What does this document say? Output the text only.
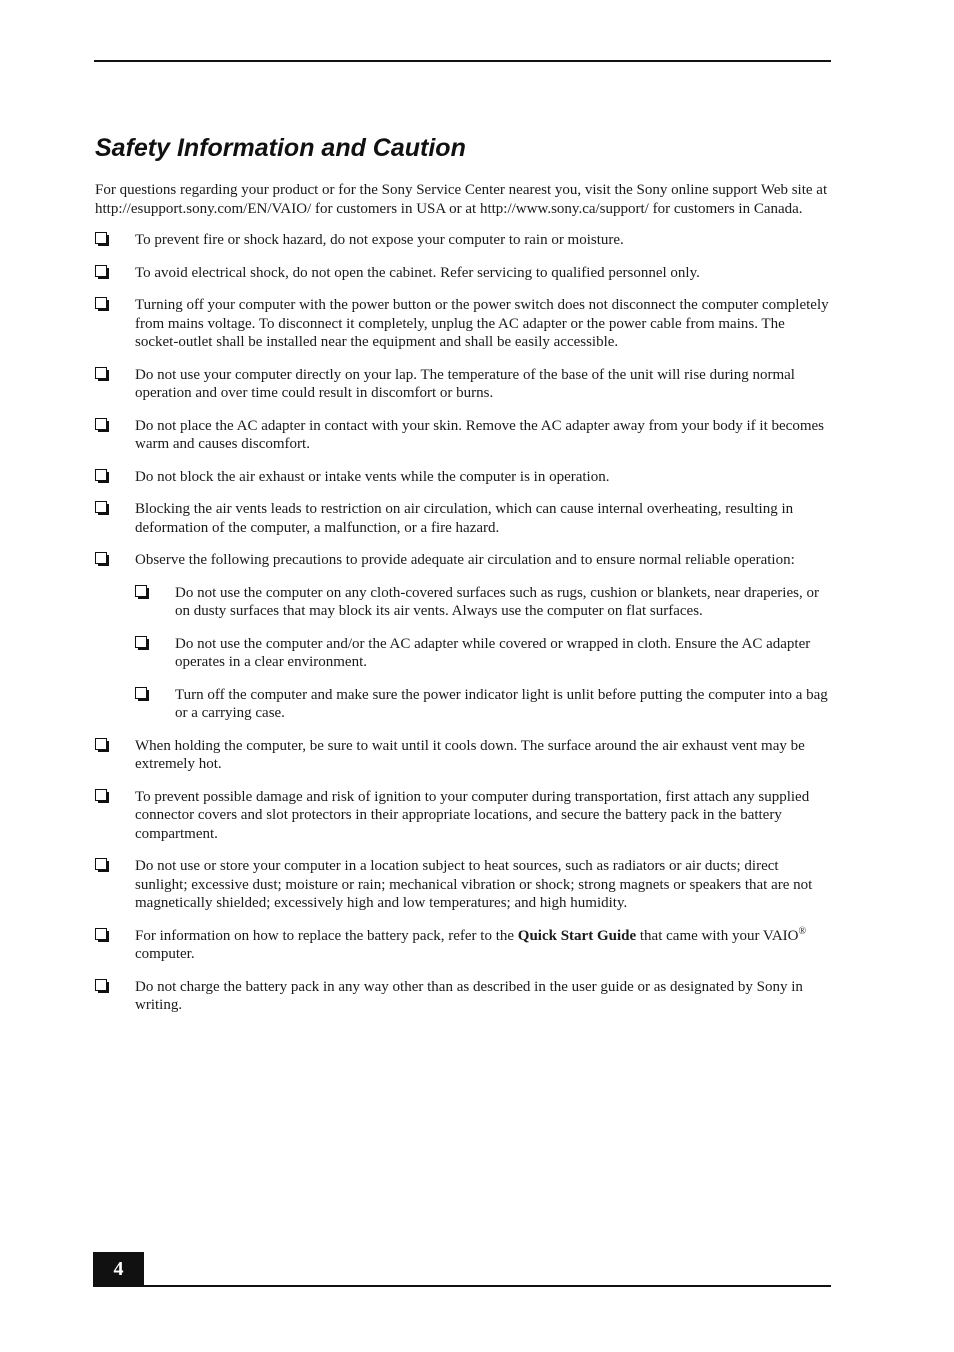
Safety Information and Caution

For questions regarding your product or for the Sony Service Center nearest you, visit the Sony online support Web site at http://esupport.sony.com/EN/VAIO/ for customers in USA or at http://www.sony.ca/support/ for customers in Canada.

To prevent fire or shock hazard, do not expose your computer to rain or moisture.
To avoid electrical shock, do not open the cabinet. Refer servicing to qualified personnel only.
Turning off your computer with the power button or the power switch does not disconnect the computer completely from mains voltage. To disconnect it completely, unplug the AC adapter or the power cable from mains. The socket-outlet shall be installed near the equipment and shall be easily accessible.
Do not use your computer directly on your lap. The temperature of the base of the unit will rise during normal operation and over time could result in discomfort or burns.
Do not place the AC adapter in contact with your skin. Remove the AC adapter away from your body if it becomes warm and causes discomfort.
Do not block the air exhaust or intake vents while the computer is in operation.
Blocking the air vents leads to restriction on air circulation, which can cause internal overheating, resulting in deformation of the computer, a malfunction, or a fire hazard.
Observe the following precautions to provide adequate air circulation and to ensure normal reliable operation:
Do not use the computer on any cloth-covered surfaces such as rugs, cushion or blankets, near draperies, or on dusty surfaces that may block its air vents. Always use the computer on flat surfaces.
Do not use the computer and/or the AC adapter while covered or wrapped in cloth. Ensure the AC adapter operates in a clear environment.
Turn off the computer and make sure the power indicator light is unlit before putting the computer into a bag or a carrying case.
When holding the computer, be sure to wait until it cools down. The surface around the air exhaust vent may be extremely hot.
To prevent possible damage and risk of ignition to your computer during transportation, first attach any supplied connector covers and slot protectors in their appropriate locations, and secure the battery pack in the battery compartment.
Do not use or store your computer in a location subject to heat sources, such as radiators or air ducts; direct sunlight; excessive dust; moisture or rain; mechanical vibration or shock; strong magnets or speakers that are not magnetically shielded; excessively high and low temperatures; and high humidity.
For information on how to replace the battery pack, refer to the Quick Start Guide that came with your VAIO® computer.
Do not charge the battery pack in any way other than as described in the user guide or as designated by Sony in writing.
4
